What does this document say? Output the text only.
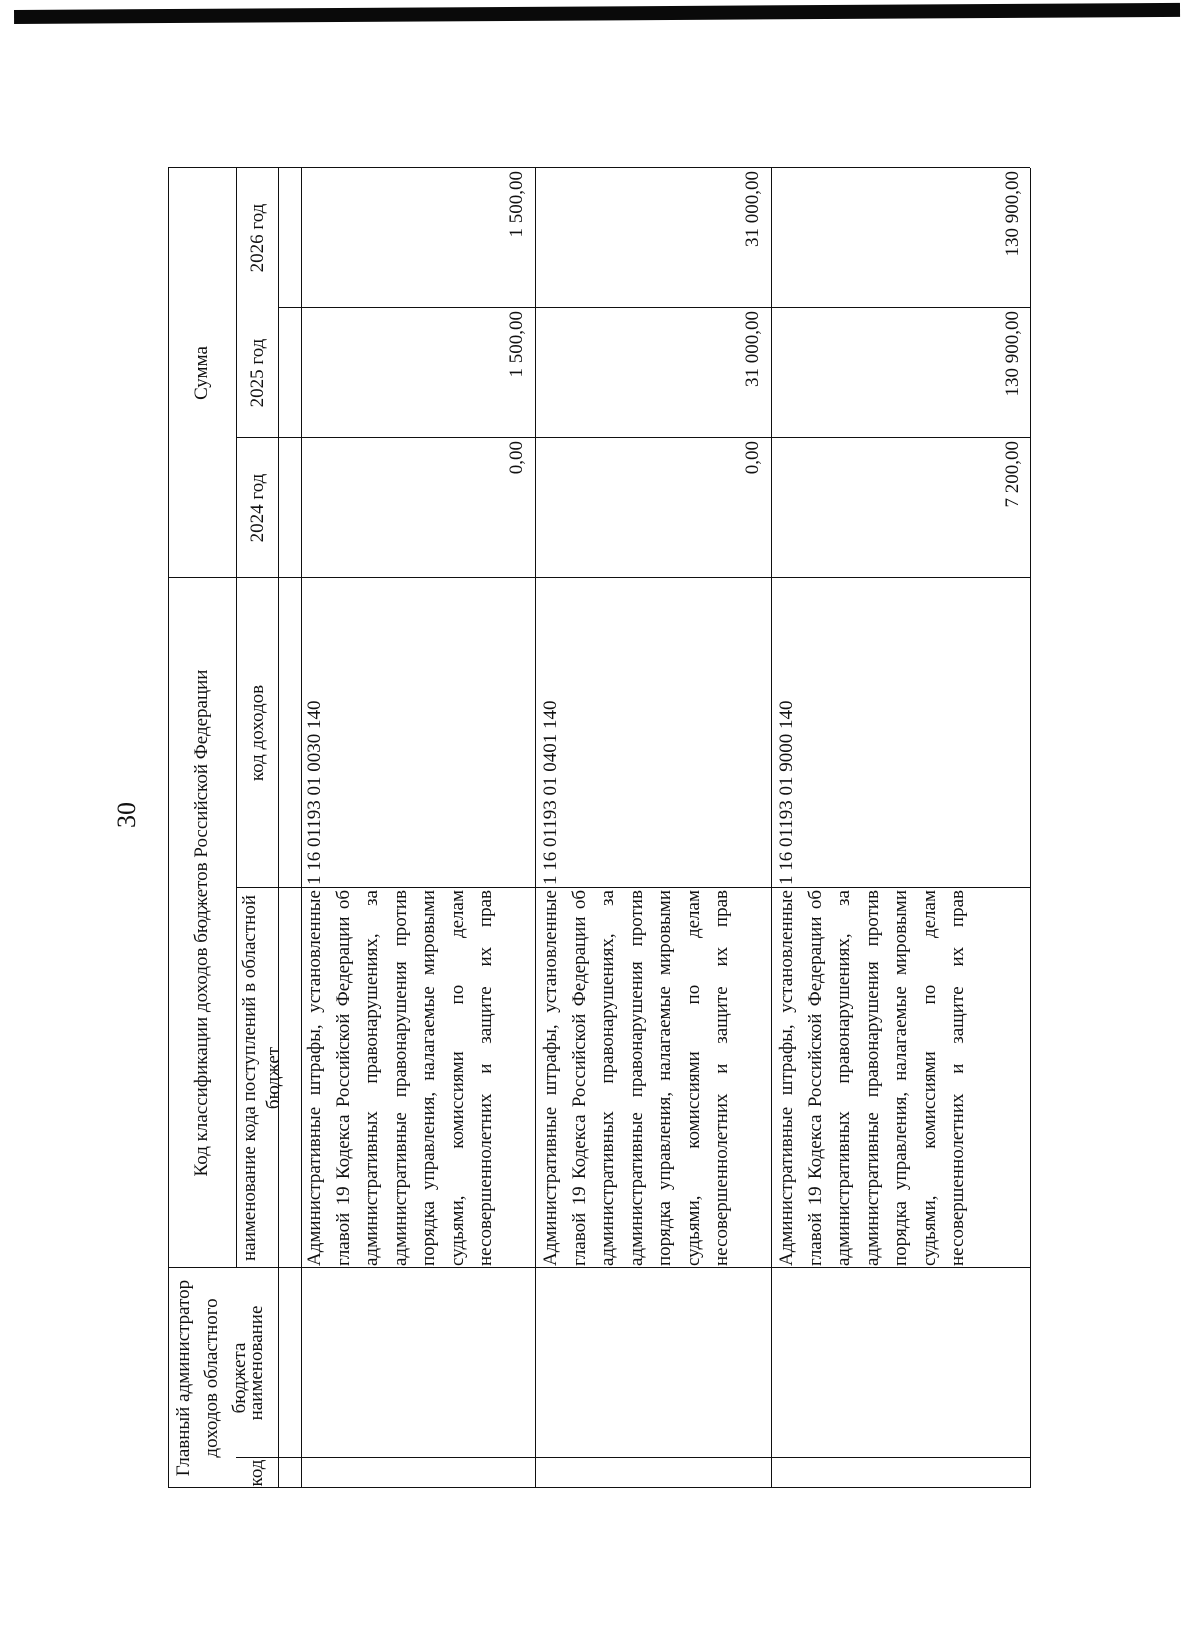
30
Главный администратор доходов областного бюджета
код
наименование
Код классификации доходов бюджетов Российской Федерации	наименование кода поступлений в областной бюджет
код доходов
Сумма
2024 год
2025 год
2026 год
Административные штрафы, установленные главой 19 Кодекса Российской Федерации об административных правонарушениях, за административные правонарушения против порядка управления, налагаемые мировыми судьями, комиссиями по делам несовершеннолетних и защите их прав
1 16 01193 01 0030 140
0,00
1 500,00
1 500,00
Административные штрафы, установленные главой 19 Кодекса Российской Федерации об административных правонарушениях, за административные правонарушения против порядка управления, налагаемые мировыми судьями, комиссиями по делам несовершеннолетних и защите их прав
1 16 01193 01 0401 140
0,00
31 000,00
31 000,00
Административные штрафы, установленные главой 19 Кодекса Российской Федерации об административных правонарушениях, за административные правонарушения против порядка управления, налагаемые мировыми судьями, комиссиями по делам несовершеннолетних и защите их прав
1 16 01193 01 9000 140
7 200,00
130 900,00
130 900,00
